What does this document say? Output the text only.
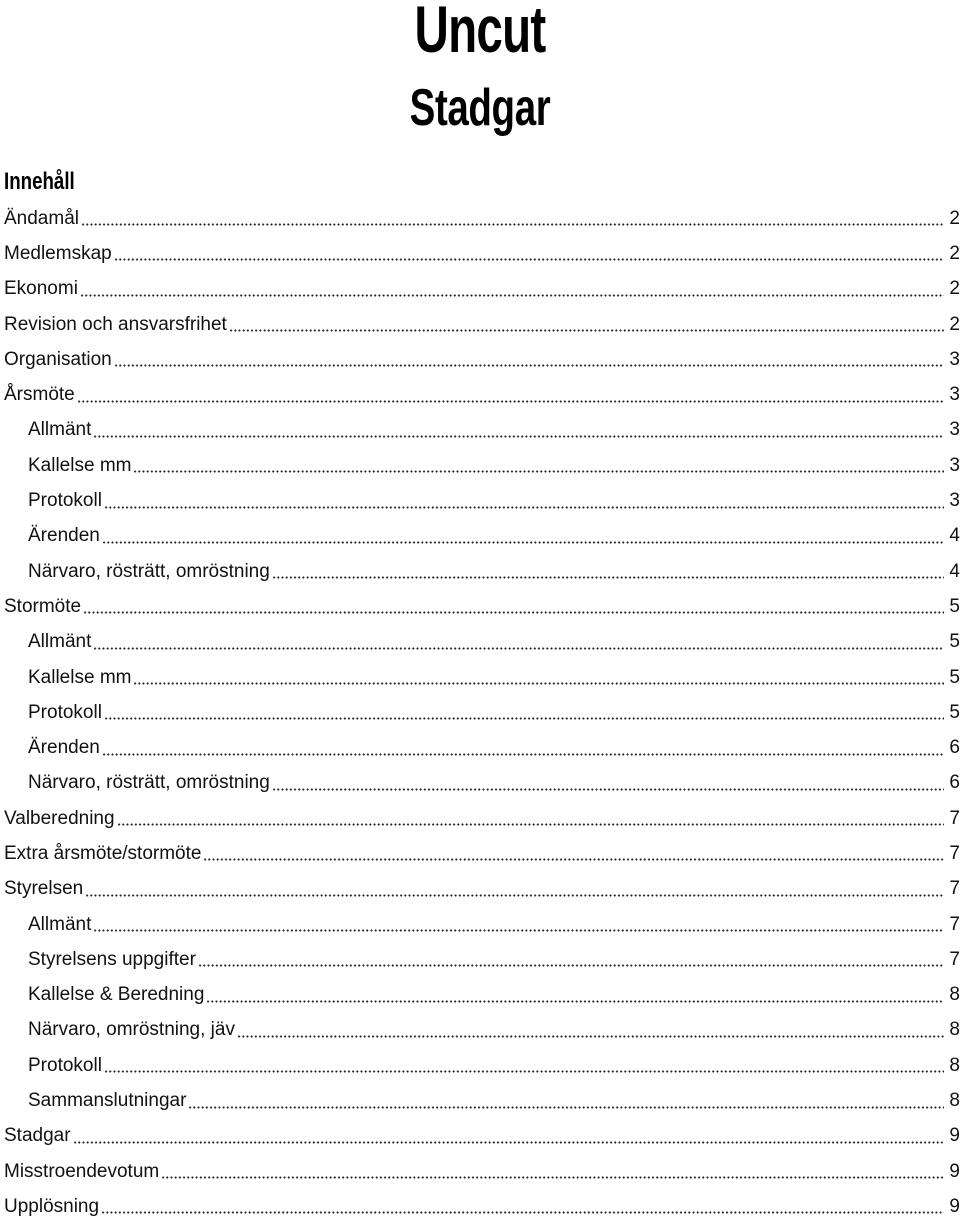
Uncut
Stadgar
Innehåll
Ändamål	2
Medlemskap	2
Ekonomi	2
Revision och ansvarsfrihet	2
Organisation	3
Årsmöte	3
Allmänt	3
Kallelse mm	3
Protokoll	3
Ärenden	4
Närvaro, rösträtt, omröstning	4
Stormöte	5
Allmänt	5
Kallelse mm	5
Protokoll	5
Ärenden	6
Närvaro, rösträtt, omröstning	6
Valberedning	7
Extra årsmöte/stormöte	7
Styrelsen	7
Allmänt	7
Styrelsens uppgifter	7
Kallelse & Beredning	8
Närvaro, omröstning, jäv	8
Protokoll	8
Sammanslutningar	8
Stadgar	9
Misstroendevotum	9
Upplösning	9
